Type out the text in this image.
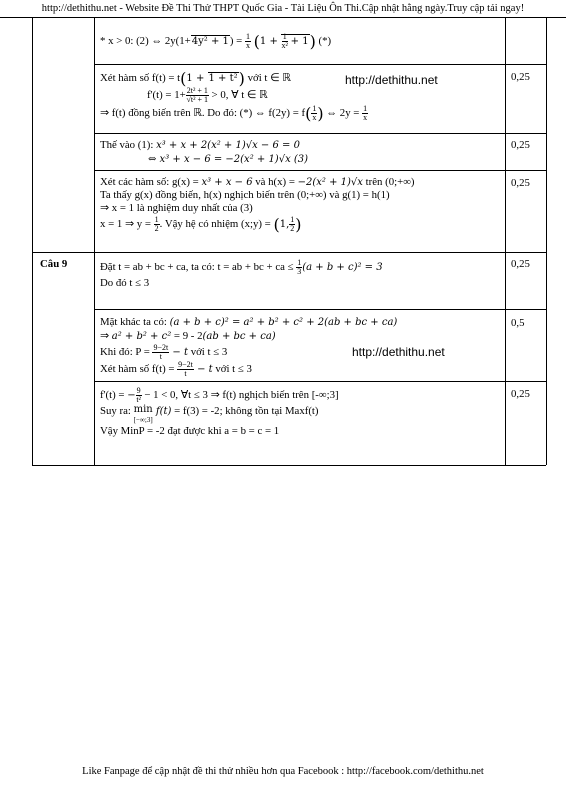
http://dethithu.net - Website Đề Thi Thử THPT Quốc Gia - Tài Liệu Ôn Thi.Cập nhật hằng ngày.Truy cập tải ngay!
Câu 9
0,25
0,25
0,25
0,25
0,5
0,25
http://dethithu.net
http://dethithu.net
* x > 0: (2) ⇔ $2y(1+4y^2 + 1) = \frac{1}{x} (1 + \frac{1}{\text{x²}} + 1)$ (*)
Xét hàm số f(t) = t(1 + 1 + t²) với t ∈ ℝ
$f'(t) = 1+ \frac{\text{2t² + 1}}{\text{√t² + 1}} > 0$, ∀ t ∈ ℝ
⇒ f(t) đồng biến trên ℝ. Do đó: (*) ⇔ $f(2y) = f( \frac{1}{x}$ ) ⇔ $2y = \frac{1}{x}$
Thế vào (1): x³ + x + 2(x² + 1)√x − 6 = 0
⇔ x³ + x − 6 = −2(x² + 1)√x (3)
Xét các hàm số: g(x) = x³ + x − 6 và h(x) = −2(x² + 1)√x trên (0;+∞)
Ta thấy g(x) đồng biến, h(x) nghịch biến trên (0;+∞) và g(1) = h(1)
⇒ x = 1 là nghiệm duy nhất của (3)
x = 1 ⇒ $y = \frac{1}{2}$ . Vậy hệ có nhiệm (x;y) = (1, $\frac{1}{2}$ )
Đặt t = ab + bc + ca, ta có: t = ab + bc + ca ≤ $\frac{1}{3} (a + b + c)^2 = 3$
Do đó t ≤ 3
Mặt khác ta có: (a + b + c)² = a² + b² + c² + 2(ab + bc + ca)
⇒ a² + b² + c² = 9 - 2(ab + bc + ca)
Khi đó: $P = \frac{9-2t}{t} - t$ với t ≤ 3
Xét hàm số $f(t) = \frac{9-2t}{t} - t$ với t ≤ 3
f'(t) = − $\frac{9}{\text{t²}} - 1 < 0$, ∀t ≤ 3 ⇒ f(t) nghịch biến trên [-∞;3]
Suy ra: min
[−∞;3]
f(t) = f(3) = -2; không tồn tại Maxf(t)
Vậy MinP = -2 đạt được khi a = b = c = 1
Like Fanpage để cập nhật đề thi thử nhiều hơn qua Facebook : http://facebook.com/dethithu.net
